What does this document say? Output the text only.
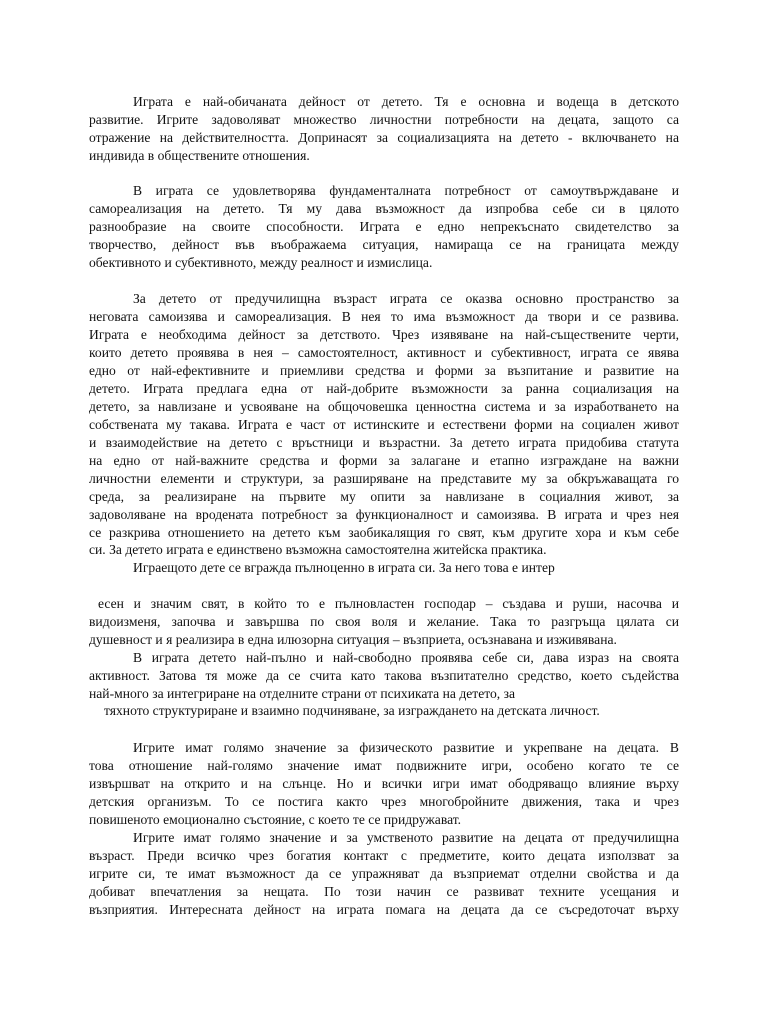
Играта е най-обичаната дейност от детето. Тя е основна и водеща в детското
развитие. Игрите задоволяват множество личностни потребности на децата, защото са
отражение на действителността. Допринасят за социализацията на детето - включването на
индивида в обществените отношения.
В играта се удовлетворява фундаменталната потребност от самоутвърждаване и
самореализация на детето. Тя му дава възможност да изпробва себе си в цялото
разнообразие на своите способности. Играта е едно непрекъснато свидетелство за
творчество, дейност във въображаема ситуация, намираща се на границата между
обективното и субективното, между реалност и измислица.
За детето от предучилищна възраст играта се оказва основно пространство за
неговата самоизява и самореализация. В нея то има възможност да твори и се развива.
Играта е необходима дейност за детството. Чрез изявяване на най-съществените черти,
които детето проявява в нея – самостоятелност, активност и субективност, играта се явява
едно от най-ефективните и приемливи средства и форми за възпитание и развитие на
детето. Играта предлага една от най-добрите възможности за ранна социализация на
детето, за навлизане и усвояване на общочовешка ценностна система и за изработването на
собствената му такава. Играта е част от истинските и естествени форми на социален живот
и взаимодействие на детето с връстници и възрастни. За детето играта придобива статута
на едно от най-важните средства и форми за залагане и етапно изграждане на важни
личностни елементи и структури, за разширяване на представите му за обкръжаващата го
среда, за реализиране на първите му опити за навлизане в социалния живот, за
задоволяване на вродената потребност за функционалност и самоизява. В играта и чрез нея
се разкрива отношението на детето към заобикалящия го свят, към другите хора и към себе
си. За детето играта е единствено възможна самостоятелна житейска практика.
Играещото дете се вгражда пълноценно в играта си. За него това е интер
есен и значим свят, в който то е пълновластен господар – създава и руши, насочва и
видоизменя, започва и завършва по своя воля и желание. Така то разгръща цялата си
душевност и я реализира в една илюзорна ситуация – възприета, осъзнавана и изживявана.
В играта детето най-пълно и най-свободно проявява себе си, дава израз на своята
активност. Затова тя може да се счита като такова възпитателно средство, което съдейства
най-много за интегриране на отделните страни от психиката на детето, за
тяхното структуриране и взаимно подчиняване, за изграждането на детската личност.
Игрите имат голямо значение за физическото развитие и укрепване на децата. В
това отношение най-голямо значение имат подвижните игри, особено когато те се
извършват на открито и на слънце. Но и всички игри имат ободряващо влияние върху
детския организъм. То се постига както чрез многобройните движения, така и чрез
повишеното емоционално състояние, с което те се придружават.
Игрите имат голямо значение и за умственото развитие на децата от предучилищна
възраст. Преди всичко чрез богатия контакт с предметите, които децата използват за
игрите си, те имат възможност да се упражняват да възприемат отделни свойства и да
добиват впечатления за нещата. По този начин се развиват техните усещания и
възприятия. Интересната дейност на играта помага на децата да се съсредоточат върху
